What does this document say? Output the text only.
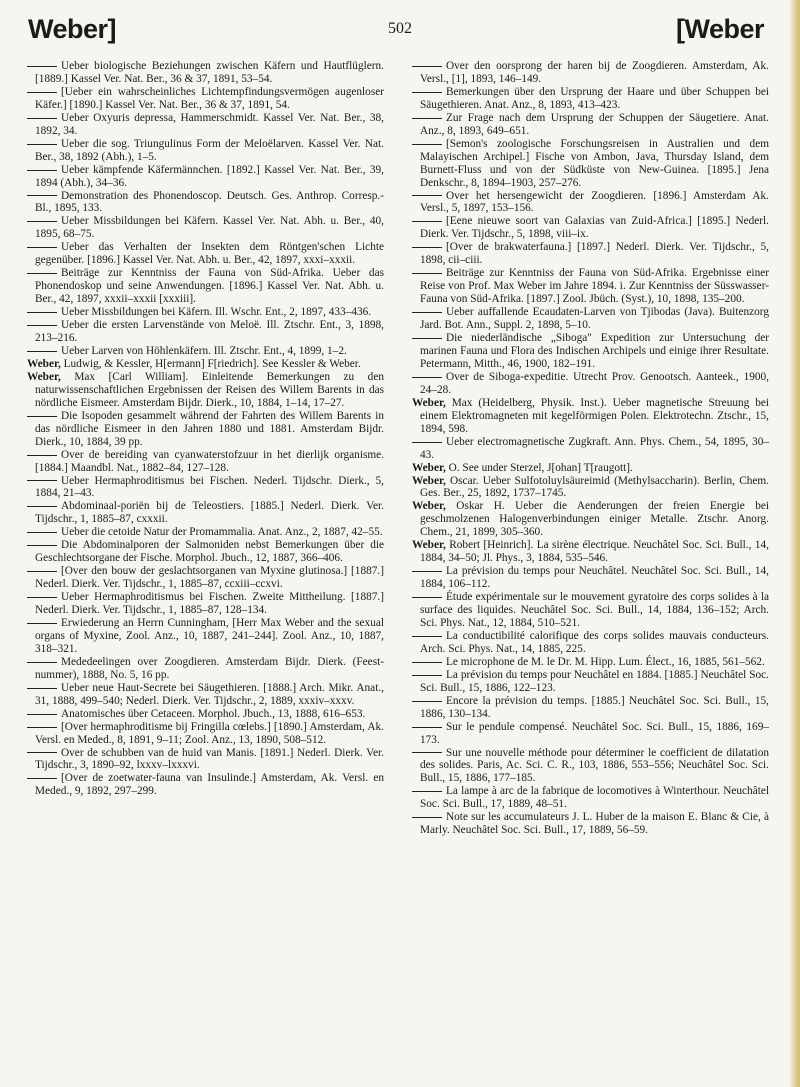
Weber]	502	[Weber

Ueber biologische Beziehungen zwischen Käfern und Hautflüglern. [1889.] Kassel Ver. Nat. Ber., 36 & 37, 1891, 53–54.

[Ueber ein wahrscheinliches Lichtempfindungsvermögen augenloser Käfer.] [1890.] Kassel Ver. Nat. Ber., 36 & 37, 1891, 54.

Ueber Oxyuris depressa, Hammerschmidt. Kassel Ver. Nat. Ber., 38, 1892, 34.

Ueber die sog. Triungulinus Form der Meloëlarven. Kassel Ver. Nat. Ber., 38, 1892 (Abh.), 1–5.

Ueber kämpfende Käfermännchen. [1892.] Kassel Ver. Nat. Ber., 39, 1894 (Abh.), 34–36.

Demonstration des Phonendoscop. Deutsch. Ges. Anthrop. Corresp.-Bl., 1895, 133.

Ueber Missbildungen bei Käfern. Kassel Ver. Nat. Abh. u. Ber., 40, 1895, 68–75.

Ueber das Verhalten der Insekten dem Röntgen'schen Lichte gegenüber. [1896.] Kassel Ver. Nat. Abh. u. Ber., 42, 1897, xxxi–xxxii.

Beiträge zur Kenntniss der Fauna von Süd-Afrika. Ueber das Phonendoskop und seine Anwendungen. [1896.] Kassel Ver. Nat. Abh. u. Ber., 42, 1897, xxxii–xxxii [xxxiii].

Ueber Missbildungen bei Käfern. Ill. Wschr. Ent., 2, 1897, 433–436.

Ueber die ersten Larvenstände von Meloë. Ill. Ztschr. Ent., 3, 1898, 213–216.

Ueber Larven von Höhlenkäfern. Ill. Ztschr. Ent., 4, 1899, 1–2.

Weber, Ludwig, & Kessler, H[ermann] F[riedrich]. See Kessler & Weber.

Weber, Max [Carl William]. Einleitende Bemerkungen zu den naturwissenschaftlichen Ergebnissen der Reisen des Willem Barents in das nördliche Eismeer. Amsterdam Bijdr. Dierk., 10, 1884, 1–14, 17–27.

Die Isopoden gesammelt während der Fahrten des Willem Barents in das nördliche Eismeer in den Jahren 1880 und 1881. Amsterdam Bijdr. Dierk., 10, 1884, 39 pp.

Over de bereiding van cyanwaterstofzuur in het dierlijk organisme. [1884.] Maandbl. Nat., 1882–84, 127–128.

Ueber Hermaphroditismus bei Fischen. Nederl. Tijdschr. Dierk., 5, 1884, 21–43.

Abdominaal-poriën bij de Teleostiers. [1885.] Nederl. Dierk. Ver. Tijdschr., 1, 1885–87, cxxxii.

Ueber die cetoide Natur der Promammalia. Anat. Anz., 2, 1887, 42–55.

Die Abdominalporen der Salmoniden nebst Bemerkungen über die Geschlechtsorgane der Fische. Morphol. Jbuch., 12, 1887, 366–406.

[Over den bouw der geslachtsorganen van Myxine glutinosa.] [1887.] Nederl. Dierk. Ver. Tijdschr., 1, 1885–87, ccxiii–ccxvi.

Ueber Hermaphroditismus bei Fischen. Zweite Mittheilung. [1887.] Nederl. Dierk. Ver. Tijdschr., 1, 1885–87, 128–134.

Erwiederung an Herrn Cunningham, [Herr Max Weber and the sexual organs of Myxine, Zool. Anz., 10, 1887, 241–244]. Zool. Anz., 10, 1887, 318–321.

Mededeelingen over Zoogdieren. Amsterdam Bijdr. Dierk. (Feest-nummer), 1888, No. 5, 16 pp.

Ueber neue Haut-Secrete bei Säugethieren. [1888.] Arch. Mikr. Anat., 31, 1888, 499–540; Nederl. Dierk. Ver. Tijdschr., 2, 1889, xxxiv–xxxv.

Anatomisches über Cetaceen. Morphol. Jbuch., 13, 1888, 616–653.

[Over hermaphroditisme bij Fringilla cœlebs.] [1890.] Amsterdam, Ak. Versl. en Meded., 8, 1891, 9–11; Zool. Anz., 13, 1890, 508–512.

Over de schubben van de huid van Manis. [1891.] Nederl. Dierk. Ver. Tijdschr., 3, 1890–92, lxxxv–lxxxvi.

[Over de zoetwater-fauna van Insulinde.] Amsterdam, Ak. Versl. en Meded., 9, 1892, 297–299.

Over den oorsprong der haren bij de Zoogdieren. Amsterdam, Ak. Versl., [1], 1893, 146–149.

Bemerkungen über den Ursprung der Haare und über Schuppen bei Säugethieren. Anat. Anz., 8, 1893, 413–423.

Zur Frage nach dem Ursprung der Schuppen der Säugetiere. Anat. Anz., 8, 1893, 649–651.

[Semon's zoologische Forschungsreisen in Australien und dem Malayischen Archipel.] Fische von Ambon, Java, Thursday Island, dem Burnett-Fluss und von der Südküste von New-Guinea. [1895.] Jena Denkschr., 8, 1894–1903, 257–276.

Over het hersengewicht der Zoogdieren. [1896.] Amsterdam Ak. Versl., 5, 1897, 153–156.

[Eene nieuwe soort van Galaxias van Zuid-Africa.] [1895.] Nederl. Dierk. Ver. Tijdschr., 5, 1898, viii–ix.

[Over de brakwaterfauna.] [1897.] Nederl. Dierk. Ver. Tijdschr., 5, 1898, cii–ciii.

Beiträge zur Kenntniss der Fauna von Süd-Afrika. Ergebnisse einer Reise von Prof. Max Weber im Jahre 1894. i. Zur Kenntniss der Süsswasser-Fauna von Süd-Afrika. [1897.] Zool. Jbüch. (Syst.), 10, 1898, 135–200.

Ueber auffallende Ecaudaten-Larven von Tjibodas (Java). Buitenzorg Jard. Bot. Ann., Suppl. 2, 1898, 5–10.

Die niederländische „Siboga" Expedition zur Untersuchung der marinen Fauna und Flora des Indischen Archipels und einige ihrer Resultate. Petermann, Mitth., 46, 1900, 182–191.

Over de Siboga-expeditie. Utrecht Prov. Genootsch. Aanteek., 1900, 24–28.

Weber, Max (Heidelberg, Physik. Inst.). Ueber magnetische Streuung bei einem Elektromagneten mit kegelförmigen Polen. Elektrotechn. Ztschr., 15, 1894, 598.

Ueber electromagnetische Zugkraft. Ann. Phys. Chem., 54, 1895, 30–43.

Weber, O. See under Sterzel, J[ohan] T[raugott].

Weber, Oscar. Ueber Sulfotoluylsäureimid (Methylsaccharin). Berlin, Chem. Ges. Ber., 25, 1892, 1737–1745.

Weber, Oskar H. Ueber die Aenderungen der freien Energie bei geschmolzenen Halogenverbindungen einiger Metalle. Ztschr. Anorg. Chem., 21, 1899, 305–360.

Weber, Robert [Heinrich]. La sirène électrique. Neuchâtel Soc. Sci. Bull., 14, 1884, 34–50; Jl. Phys., 3, 1884, 535–546.

La prévision du temps pour Neuchâtel. Neuchâtel Soc. Sci. Bull., 14, 1884, 106–112.

Étude expérimentale sur le mouvement gyratoire des corps solides à la surface des liquides. Neuchâtel Soc. Sci. Bull., 14, 1884, 136–152; Arch. Sci. Phys. Nat., 12, 1884, 510–521.

La conductibilité calorifique des corps solides mauvais conducteurs. Arch. Sci. Phys. Nat., 14, 1885, 225.

Le microphone de M. le Dr. M. Hipp. Lum. Élect., 16, 1885, 561–562.

La prévision du temps pour Neuchâtel en 1884. [1885.] Neuchâtel Soc. Sci. Bull., 15, 1886, 122–123.

Encore la prévision du temps. [1885.] Neuchâtel Soc. Sci. Bull., 15, 1886, 130–134.

Sur le pendule compensé. Neuchâtel Soc. Sci. Bull., 15, 1886, 169–173.

Sur une nouvelle méthode pour déterminer le coefficient de dilatation des solides. Paris, Ac. Sci. C. R., 103, 1886, 553–556; Neuchâtel Soc. Sci. Bull., 15, 1886, 177–185.

La lampe à arc de la fabrique de locomotives à Winterthour. Neuchâtel Soc. Sci. Bull., 17, 1889, 48–51.

Note sur les accumulateurs J. L. Huber de la maison E. Blanc & Cie, à Marly. Neuchâtel Soc. Sci. Bull., 17, 1889, 56–59.
